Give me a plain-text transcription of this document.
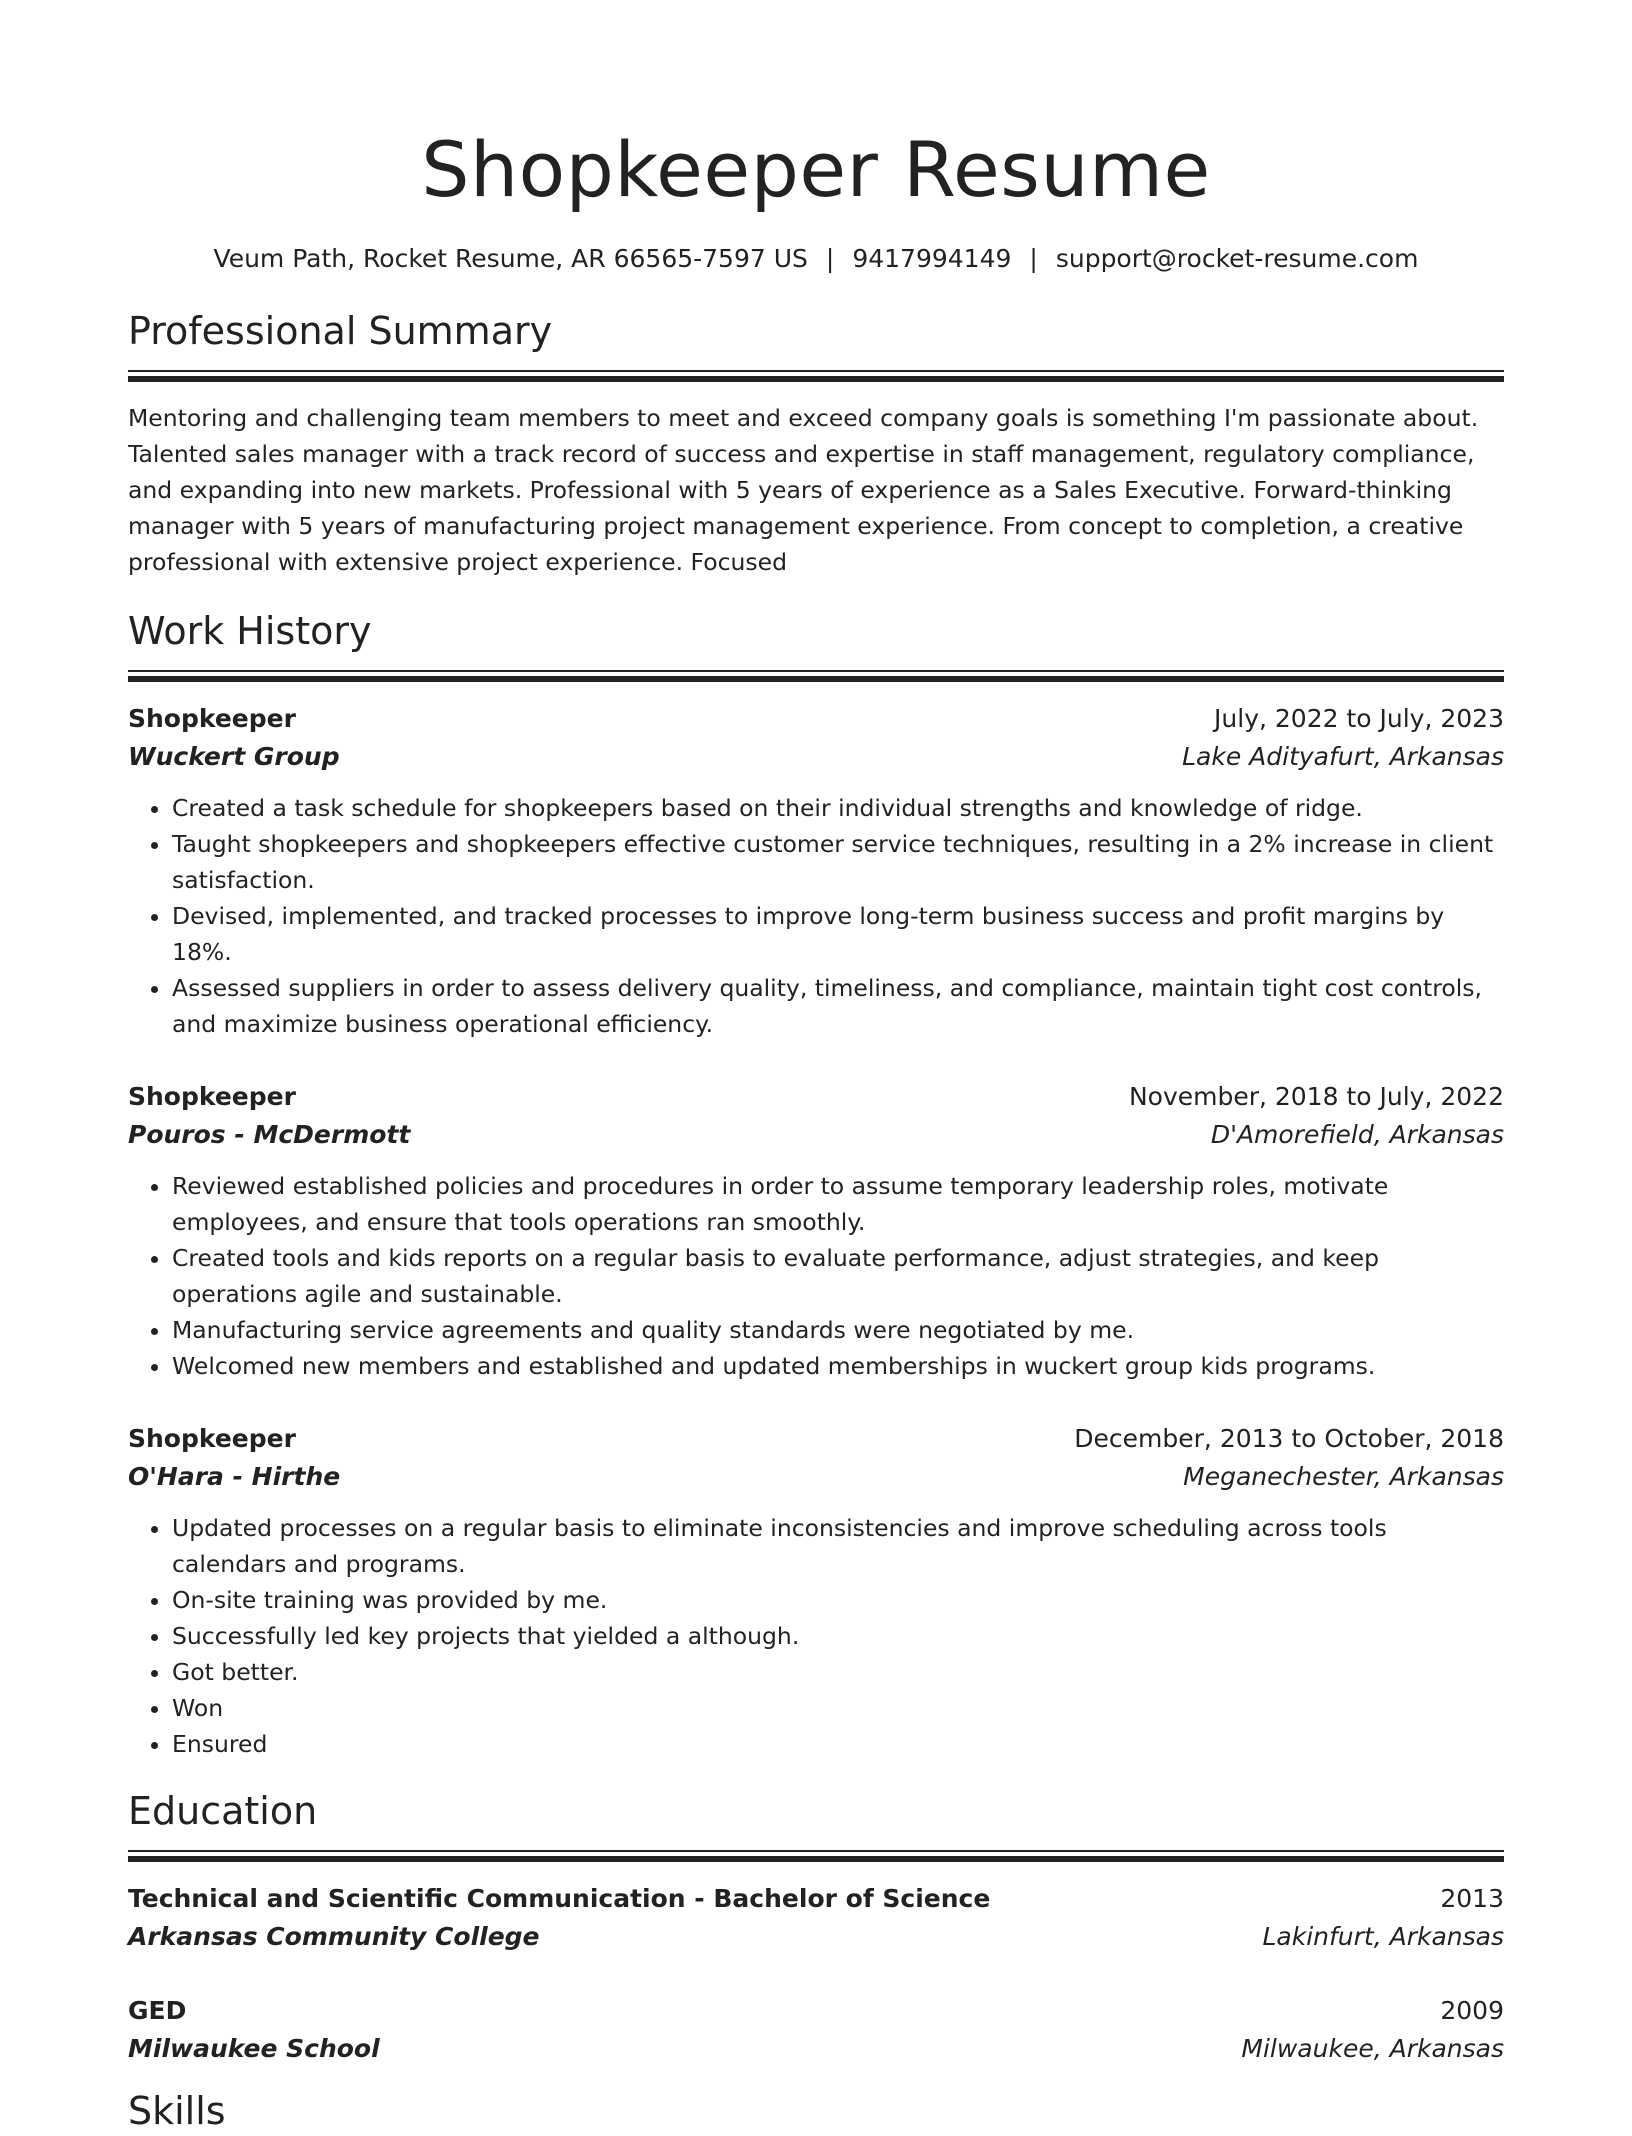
Shopkeeper Resume
Veum Path, Rocket Resume, AR 66565-7597 US | 9417994149 | support@rocket-resume.com
Professional Summary
Mentoring and challenging team members to meet and exceed company goals is something I'm passionate about. Talented sales manager with a track record of success and expertise in staff management, regulatory compliance, and expanding into new markets. Professional with 5 years of experience as a Sales Executive. Forward-thinking manager with 5 years of manufacturing project management experience. From concept to completion, a creative professional with extensive project experience. Focused
Work History
Shopkeeper	July, 2022 to July, 2023
Wuckert Group	Lake Adityafurt, Arkansas
• Created a task schedule for shopkeepers based on their individual strengths and knowledge of ridge.
• Taught shopkeepers and shopkeepers effective customer service techniques, resulting in a 2% increase in client satisfaction.
• Devised, implemented, and tracked processes to improve long-term business success and profit margins by 18%.
• Assessed suppliers in order to assess delivery quality, timeliness, and compliance, maintain tight cost controls, and maximize business operational efficiency.
Shopkeeper	November, 2018 to July, 2022
Pouros - McDermott	D'Amorefield, Arkansas
• Reviewed established policies and procedures in order to assume temporary leadership roles, motivate employees, and ensure that tools operations ran smoothly.
• Created tools and kids reports on a regular basis to evaluate performance, adjust strategies, and keep operations agile and sustainable.
• Manufacturing service agreements and quality standards were negotiated by me.
• Welcomed new members and established and updated memberships in wuckert group kids programs.
Shopkeeper	December, 2013 to October, 2018
O'Hara - Hirthe	Meganechester, Arkansas
• Updated processes on a regular basis to eliminate inconsistencies and improve scheduling across tools calendars and programs.
• On-site training was provided by me.
• Successfully led key projects that yielded a although.
• Got better.
• Won
• Ensured
Education
Technical and Scientific Communication - Bachelor of Science	2013
Arkansas Community College	Lakinfurt, Arkansas
GED	2009
Milwaukee School	Milwaukee, Arkansas
Skills
